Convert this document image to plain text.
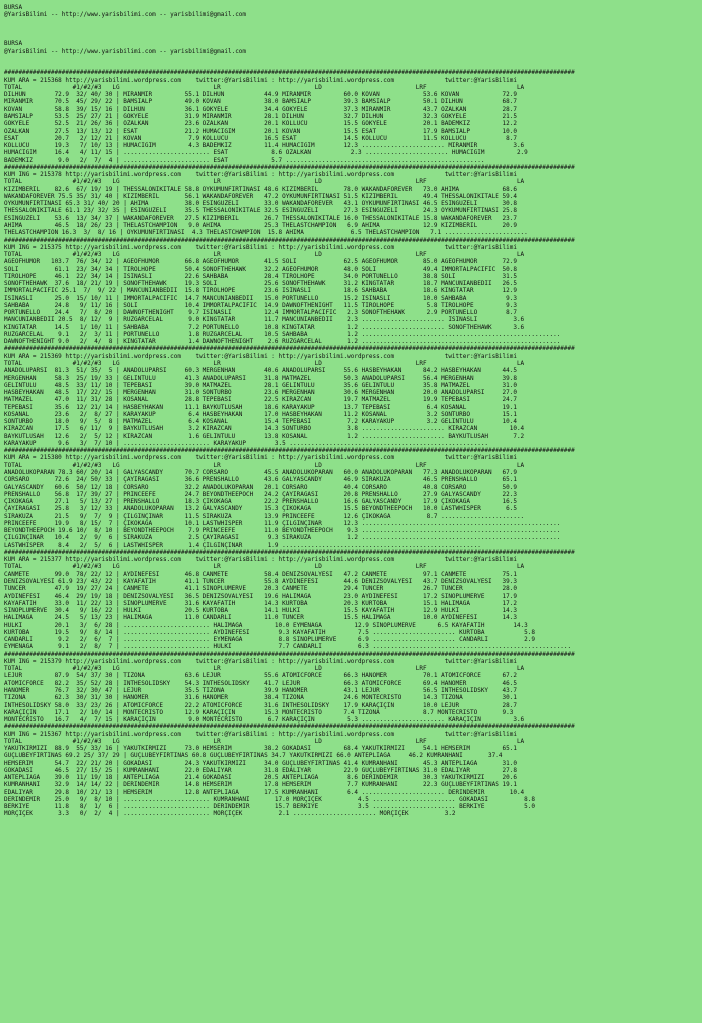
BURSA
@YarisBilimi -- http://www.yarisbilimi.com -- yarisbilimi@gmail.com
BURSA
@YarisBilimi -- http://www.yarisbilimi.com -- yarisbilimi@gmail.com
##############################################################################################################################################################
KUM ARA = 215368 http://yarisbilimi.wordpress.com    twitter:@YarisBilimi : http://yarisbilimi.wordpress.com              twitter:@YarisBilimi
TOTAL              #1/#2/#3   LG                          LR                          LD                          LRF                         LA
DILHUN        72.9  32/ 40/ 30 | MIRANMIR         55.1 DILHUN           44.9 MIRANMIR         60.0 KOVAN            53.6 KOVAN            72.9
MIRANMIR      70.5  45/ 29/ 22 | BAMSIALP         49.0 KOVAN            38.0 BAMSIALP         39.3 BAMSIALP         50.1 DILHUN           68.7
KOVAN         58.8  39/ 15/ 16 | DILHUN           36.1 GÖKYELE          34.4 GÖKYELE          37.3 MIRANMIR         43.7 ÖZALKAN          28.7
BAMSIALP      53.5  25/ 27/ 21 | GÖKYELE          31.9 MIRANMIR         28.1 DILHUN           32.7 DILHUN           32.3 GÖKYELE          21.5
GÖKYELE       52.5  21/ 26/ 36 | ÖZALKAN          23.6 ÖZALKAN          20.1 KOLLUCU          15.5 GÖKYELE          20.1 BADEMKIZ         12.2
ÖZALKAN       27.5  13/ 13/ 12 | ESAT             21.2 HÜMACIGIM        20.1 KOVAN            15.5 ESAT             17.9 BAMSIALP         10.0
ESAT          20.7   2/ 12/ 21 | KOVAN             7.9 KOLLUCU          16.5 ESAT             14.5 KOLLUCU          11.5 KOLLUCU           8.7
KOLLUCU       19.3   7/ 10/ 13 | HÜMACIGIM         4.3 BADEMKIZ         11.4 HÜMACIGIM        12.3 ....................... MIRANMIR          3.6
HÜMACIGIM     16.4   4/ 11/ 15 | ........................ ESAT            8.6 ÖZALKAN           2.3 ....................... HÜMACIGIM         2.9
BADEMKIZ       9.0   2/  7/  4 | ........................ ESAT            5.7 .......................................................
##############################################################################################################################################################
KUM ING = 215378 http://yarisbilimi.wordpress.com    twitter:@YarisBilimi : http://yarisbilimi.wordpress.com              twitter:@YarisBilimi
TOTAL              #1/#2/#3   LG                          LR                          LD                          LRF                         LA
KIZIMBERIL    82.6  67/ 19/ 19 | THESSALONIKITALE 58.8 ÖYKÜMÜNFIRTINASI 48.6 KIZIMBERIL       78.0 WAKANDAFOREVER   73.0 AHIMA            68.6
WAKANDAFOREVER 75.5 35/ 31/ 40 | KIZIMBERIL       56.1 WAKANDAFOREVER   47.2 ÖYKÜMÜNFIRTINASI 51.5 KIZIMBERIL       49.4 THESSALONIKITALE 59.4
ÖYKÜMÜNFIRTINASI 65.3 31/ 40/ 20 | AHIMA          38.0 ESINGÜZELI       33.0 WAKANDAFOREVER   43.1 ÖYKÜMÜNFIRTINASI 46.5 ESINGÜZELI       30.8
THESSALONIKITALE 61.1 23/ 32/ 35 | ESINGÜZELI     35.5 THESSALONIKITALE 32.5 ESINGÜZELI       27.3 ESINGÜZELI       24.3 ÖYKÜMÜNFIRTINASI 25.8
ESINGÜZELI    53.6  13/ 34/ 37 | WAKANDAFOREVER   27.5 KIZIMBERIL       26.7 THESSALONIKITALE 16.0 THESSALONIKITALE 15.8 WAKANDAFOREVER   23.7
AHIMA         46.5  18/ 26/ 23 | THELASTCHAMPION   9.0 AHIMA            25.3 THELASTCHAMPION   6.9 AHIMA            12.9 KIZIMBERIL       20.9
THELASTCHAMPION 16.3  3/  8/ 16 | ÖYKÜMÜNFIRTINASI  4.3 THELASTCHAMPION  15.8 AHIMA             6.5 THELASTCHAMPION   7.1 .......................
##############################################################################################################################################################
KUM ING = 215375 http://yarisbilimi.wordpress.com    twitter:@YarisBilimi : http://yarisbilimi.wordpress.com              twitter:@YarisBilimi
TOTAL              #1/#2/#3   LG                          LR                          LD                          LRF                         LA
AGEOFHUMOR   103.7  76/ 34/ 12 | AGEOFHUMOR       66.8 AGEOFHUMOR       41.5 SOLI             62.5 AGEOFHUMOR       85.0 AGEOFHUMOR       72.9
SOLI          61.1  23/ 34/ 34 | TIROLHOPE        50.4 SONOFTHEHAWK     32.2 AGEOFHUMOR       48.0 SOLI             49.4 IMMORTALPACIFIC  50.8
TIROLHOPE     46.1  22/ 34/ 14 | ISINASLI         22.6 SAHBABA          28.4 TIROLHOPE        34.0 PORTUNELLO       38.8 SOLI             31.5
SONOFTHEHAWK  37.6  18/ 21/ 19 | SONOFTHEHAWK     19.3 SOLI             25.6 SONOFTHEHAWK     31.2 KINGTATAR        18.7 MANCUNIANBEDII   26.5
IMMORTALPACIFIC 25.1  7/  9/ 22 | MANCUNIANBEDII  15.8 TIROLHOPE        23.6 ISINASLI         18.6 SAHBABA          18.6 KINGTATAR        12.9
ISINASLI      25.0  15/ 10/ 11 | IMMORTALPACIFIC  14.7 MANCUNIANBEDII   15.0 PORTUNELLO       15.2 ISINASLI         10.0 SAHBABA           9.3
SAHBABA       24.8   9/ 11/ 16 | SOLI             10.4 IMMORTALPACIFIC  14.9 DAWNOFTHENIGHT   11.5 TIROLHOPE         5.8 TIROLHOPE         9.3
PORTUNELLO    24.4   7/  8/ 20 | DAWNOFTHENIGHT    9.7 ISINASLI         12.4 IMMORTALPACIFIC   2.3 SONOFTHEHAWK      2.9 PORTUNELLO        8.7
MANCUNIANBEDII 20.5  8/ 12/  9 | RÜZGARCELAL       9.0 KINGTATAR        11.7 MANCUNIANBEDII    2.3 ....................... ISINASLI          3.6
KINGTATAR     14.5   1/ 10/ 11 | SAHBABA           7.2 PORTUNELLO       10.8 KINGTATAR         1.2 ....................... SONOFTHEHAWK      3.6
RÜZGARCELAL    9.1   2/  3/ 11 | PORTUNELLO        1.8 RÜZGARCELAL      10.5 SAHBABA           1.2 .......................................................
DAWNOFTHENIGHT 9.0   2/  4/  8 | KINGTATAR         1.4 DAWNOFTHENIGHT    2.6 RÜZGARCELAL       1.2 .......................................................
##############################################################################################################################################################
KUM ARA = 215369 http://yarisbilimi.wordpress.com    twitter:@YarisBilimi : http://yarisbilimi.wordpress.com              twitter:@YarisBilimi
TOTAL              #1/#2/#3   LG                          LR                          LD                          LRF                         LA
ANADOLUPARSI  81.3  51/ 35/  5 | ANADOLUPARSI     60.3 MERGENHAN        40.6 ANADOLUPARSI     55.6 HASBEYHAKAN      84.2 HASBEYHAKAN      44.5
MERGENHAN     58.3  25/ 19/ 33 | GELINTÜLÜ        41.3 ANADOLUPARSI     31.8 MATMAZEL         50.3 ANADOLUPARSI     56.4 MERGENHAN        39.8
GELINTÜLÜ     48.5  33/ 11/ 10 | TEPEBASI         39.0 MATMAZEL         28.1 GELINTÜLÜ        35.6 GELINTÜLÜ        35.8 MATMAZEL         31.0
HASBEYHAKAN   48.5  17/ 22/ 15 | MERGENHAN        31.0 SONTURBO         23.6 MERGENHAN        30.6 MERGENHAN        20.0 ANADOLUPARSI     27.0
MATMAZEL      47.0  11/ 31/ 28 | KOSANAL          28.8 TEPEBASI         22.5 KIRAZCAN         19.7 MATMAZEL         19.9 TEPEBASI         24.7
TEPEBASI      35.6  12/ 21/ 14 | HASBEYHAKAN      11.1 BAYKUTLUSAH      18.6 KARAYAKUP        13.7 TEPEBASI          6.4 KOSANAL          19.1
KOSANAL       23.6   2/  8/ 27 | KARAYAKUP         6.4 HASBEYHAKAN      17.0 HASBEYHAKAN      11.2 KOSANAL           3.2 SONTURBO         15.1
SONTURBO      18.0   9/  5/  8 | MATMAZEL          6.4 KOSANAL          15.4 TEPEBASI          7.2 KARAYAKUP         3.2 GELINTÜLÜ        10.4
KIRAZCAN      17.5   6/ 11/  9 | BAYKUTLUSAH       3.2 KIRAZCAN         14.3 SONTURBO          3.8 ....................... KIRAZCAN         10.4
BAYKUTLUSAH   12.6   2/  5/ 12 | KIRAZCAN          1.6 GELINTÜLÜ        13.8 KOSANAL           1.2 ....................... BAYKUTLUSAH       7.2
KARAYAKUP      9.6   3/  7/ 10 | ........................ KARAYAKUP        3.5 .......................................................
##############################################################################################################################################################
KUM ARA = 215380 http://yarisbilimi.wordpress.com    twitter:@YarisBilimi : http://yarisbilimi.wordpress.com              twitter:@YarisBilimi
TOTAL              #1/#2/#3   LG                          LR                          LD                          LRF                         LA
ANADOLUKOPARAN 78.3 60/ 20/ 14 | GALYASCANDY      70.7 CORSARO          45.5 ANADOLUKOPARAN   60.0 ANADOLUKOPARAN   77.3 ANADOLUKOPARAN   67.9
CORSARO       72.6  24/ 50/ 33 | ÇAYIRAGASI       36.6 PRENSHALLO       43.6 GALYASCANDY      46.9 SIRAKUZA         46.5 PRENSHALLO       65.1
GALYASCANDY   60.6  50/ 12/ 18 | CORSARO          32.2 ANADOLUKOPARAN   20.1 CORSARO          40.4 CORSARO          40.8 CORSARO          50.9
PRENSHALLO    56.8  17/ 39/ 27 | PRINCEEFE        24.7 BEYONDTHEEPOCH   24.2 ÇAYIRAGASI       20.8 PRENSHALLO       27.9 GALYASCANDY      22.3
ÇIKOKAGA      27.1   5/ 13/ 27 | PRENSHALLO       18.3 ÇIKOKAGA         22.2 PRENSHALLO       16.6 GALYASCANDY      17.9 ÇIKOKAGA         16.5
ÇAYIRAGASI    25.8   3/ 12/ 33 | ANADOLUKOPARAN   13.2 GALYASCANDY      15.3 ÇIKOKAGA         15.5 BEYONDTHEEPOCH   10.0 LASTWHISPER       6.5
SIRAKUZA      21.5   9/  7/  9 | ÇILGINÇINAR      11.5 SIRAKUZA         13.9 PRINCEEFE        12.6 ÇIKOKAGA          8.7 .......................
PRINCEEFE     19.9   8/ 15/  7 | ÇIKOKAGA         10.1 LASTWHISPER      11.9 ÇILGINÇINAR      12.3 .......................................................
BEYONDTHEEPOCH 19.6 10/  8/ 10 | BEYONDTHEEPOCH    7.9 PRINCEEFE        11.0 BEYONDTHEEPOCH    9.3 .......................................................
ÇILGINÇINAR   10.4   2/  9/  6 | SIRAKUZA          2.5 ÇAYIRAGASI        9.3 SIRAKUZA          1.2 .......................................................
LASTWHISPER    8.4   2/  5/  6 | LASTWHISPER       1.4 ÇILGINÇINAR       1.9 .......................................................
##############################################################################################################################################################
KUM ARA = 215377 http://yarisbilimi.wordpress.com    twitter:@YarisBilimi : http://yarisbilimi.wordpress.com              twitter:@YarisBilimi
TOTAL              #1/#2/#3   LG                          LR                          LD                          LRF                         LA
CANMETE       99.0  78/ 22/ 12 | AYDINEFESI       46.8 CANMETE          58.4 DENIZSÖVALYESI   47.2 CANMETE          97.1 CANMETE          75.1
DENIZSÖVALYESI 61.9 23/ 43/ 22 | KAYAFATIH        41.1 TUNCER           55.8 AYDINEFESI       44.6 DENIZSÖVALYESI   43.7 DENIZSÖVALYESI   39.3
TUNCER        47.9  19/ 27/ 24 | CANMETE          41.1 SINOPLUMERVE     20.3 CANMETE          29.4 TUNCER           26.7 TUNCER           28.0
AYDINEFESI    46.4  29/ 19/ 18 | DENIZSÖVALYESI   36.5 DENIZSÖVALYESI   19.6 HALIMAGA         23.0 AYDINEFESI       17.2 SINOPLUMERVE     17.9
KAYAFATIH     33.0  11/ 22/ 13 | SINOPLUMERVE     31.6 KAYAFATIH        14.3 KURTOBA          20.3 KURTOBA          15.1 HALIMAGA         17.2
SINOPLUMERVE  30.4   9/ 16/ 22 | HULKI            20.5 KURTOBA          14.1 HULKI            15.5 KAYAFATIH        12.9 HULKI            14.3
HALIMAGA      24.5   5/ 13/ 23 | HALIMAGA         11.0 CANDARLI         11.0 TUNCER           15.5 HALIMAGA         10.0 AYDINEFESI       14.3
HULKI         20.1   3/  6/ 28 | ........................ HALIMAGA         10.0 EYMENAGA         12.9 SINOPLUMERVE      6.5 KAYAFATIH        14.3
KURTOBA       19.5   9/  8/ 14 | ........................ AYDINEFESI        9.3 KAYAFATIH         7.5 ....................... KURTOBA           5.8
CANDARLI       9.2   2/  6/  7 | ........................ EYMENAGA          8.8 SINOPLUMERVE      6.9 ....................... CANDARLI          2.9
EYMENAGA       9.1   2/  8/  7 | ........................ HULKI             7.7 CANDARLI          6.3 .......................................................
##############################################################################################################################################################
KUM ING = 215379 http://yarisbilimi.wordpress.com    twitter:@YarisBilimi : http://yarisbilimi.wordpress.com              twitter:@YarisBilimi
TOTAL              #1/#2/#3   LG                          LR                          LD                          LRF                         LA
LEJUR         87.9  54/ 37/ 30 | TIZONA           63.6 LEJUR            55.6 ATOMICFORCE      66.3 HANÖMER          70.1 ATOMICFORCE      67.2
ATOMICFORCE   82.2  35/ 52/ 28 | INTHESOLIDSKY    54.3 INTHESOLIDSKY    41.7 LEJUR            66.3 ATOMICFORCE      69.4 HANÖMER          46.5
HANÖMER       76.7  32/ 30/ 47 | LEJUR            35.5 TIZONA           39.9 HANÖMER          43.1 LEJUR            56.5 INTHESOLIDSKY    43.7
TIZONA        62.3  30/ 31/ 30 | HANÖMER          31.6 HANÖMER          38.4 TIZONA           24.6 MONTECRISTO      14.3 TIZONA           30.1
INTHESOLIDSKY 58.0  33/ 23/ 26 | ATOMICFORCE      22.2 ATOMICFORCE      31.6 INTHESOLIDSKY    17.9 KARAÇIÇIN        10.0 LEJUR            28.7
KARAÇIÇIN     17.1   2/ 10/ 14 | MONTECRISTO      12.9 KARAÇIÇIN        15.3 MONTECRISTO      7.4 TIZONA            8.7 MONTECRISTO       9.3
MONTECRISTO   16.7   4/  7/ 15 | KARAÇIÇIN         9.0 MONTECRISTO       6.7 KARAÇIÇIN         5.3 ....................... KARAÇIÇIN         3.6
##############################################################################################################################################################
KUM ING = 215367 http://yarisbilimi.wordpress.com    twitter:@YarisBilimi : http://yarisbilimi.wordpress.com              twitter:@YarisBilimi
TOTAL              #1/#2/#3   LG                          LR                          LD                          LRF                         LA
YAKUTKIRMIZI  88.9  55/ 33/ 16 | YAKUTKIRMIZI     73.0 HEMSERIM         38.2 GÖKADASI         68.4 YAKUTKIRMIZI     54.1 HEMSERIM         65.1
GÜÇLÜBEYFIRTINAS 69.2 25/ 37/ 29 | GÜÇLÜBEYFIRTINAS 60.8 GÜÇLÜBEYFIRTINAS 34.7 YAKUTKIRMIZI 66.0 ANTEPLIAGA     46.2 KUMRANHANI       37.4
HEMSERIM      54.7  22/ 21/ 20 | GÖKADASI         24.3 YAKUTKIRMIZI     34.0 GÜÇLÜBEYFIRTINAS 41.4 KUMRANHANI       45.3 ANTEPLIAGA       31.0
GÖKADASI      46.5  27/ 15/ 25 | KUMRANHANI       22.0 EDALIYAR         31.8 EDALIYAR         22.9 GÜÇLÜBEYFIRTINAS 31.0 EDALIYAR         27.8
ANTEPLIAGA    39.0  11/ 19/ 18 | ANTEPLIAGA       21.4 GÖKADASI         20.5 ANTEPLIAGA        8.6 DERINDEMIR       30.3 YAKUTKIRMIZI     20.6
KUMRANHANI    32.9  14/ 14/ 22 | DERINDEMIR       14.8 HEMSERIM         17.8 HEMSERIM          7.7 KUMRANHANI       22.3 GÜÇLÜBEYFIRTINAS 19.1
EDALIYAR      29.8  10/ 21/ 13 | HEMSERIM         12.8 ANTEPLIAGA       17.5 KUMRANHANI        6.4 ....................... DERINDEMIR       10.4
DERINDEMIR    25.0   9/  8/ 10 | ........................ KUMRANHANI       17.0 MORÇIÇEK          4.5 ....................... GÖKADASI          8.8
BERKIYE       11.8   8/  1/  6 | ........................ DERINDEMIR       15.7 BERKIYE           3.5 ....................... BERKIYE           5.0
MORÇIÇEK       3.3   0/  2/  4 | ........................ MORÇIÇEK          2.1 ....................... MORÇIÇEK          3.2
